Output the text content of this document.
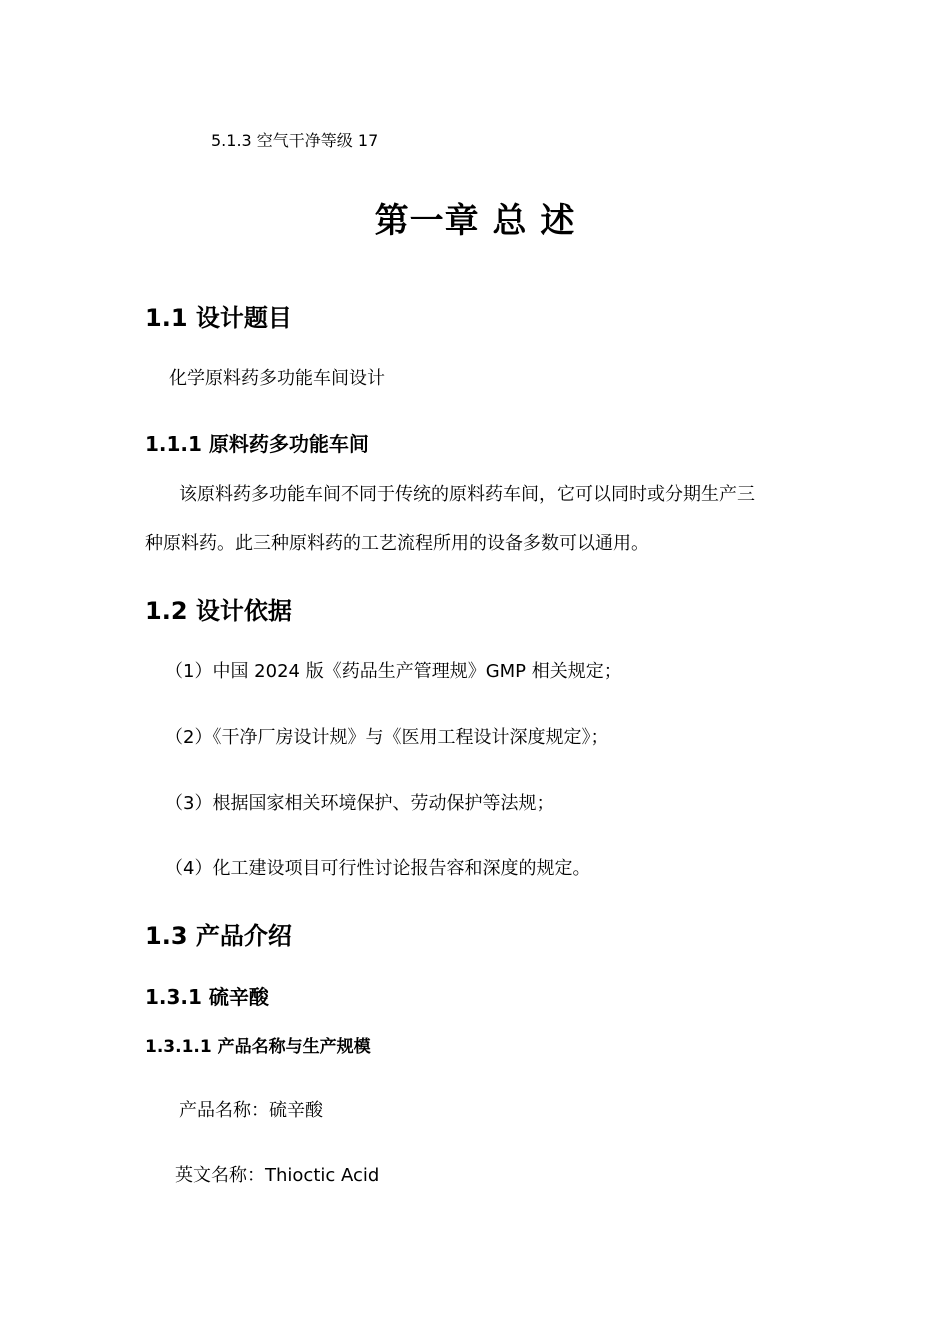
5.1.3 空气干净等级 17
第一章 总 述
1.1 设计题目
化学原料药多功能车间设计
1.1.1 原料药多功能车间
该原料药多功能车间不同于传统的原料药车间，它可以同时或分期生产三
种原料药。此三种原料药的工艺流程所用的设备多数可以通用。
1.2 设计依据
（1）中国 2024 版《药品生产管理规》GMP 相关规定；
（2）《干净厂房设计规》与《医用工程设计深度规定》；
（3）根据国家相关环境保护、劳动保护等法规；
（4）化工建设项目可行性讨论报告容和深度的规定。
1.3 产品介绍
1.3.1 硫辛酸
1.3.1.1 产品名称与生产规模
产品名称：硫辛酸
英文名称：Thioctic Acid
